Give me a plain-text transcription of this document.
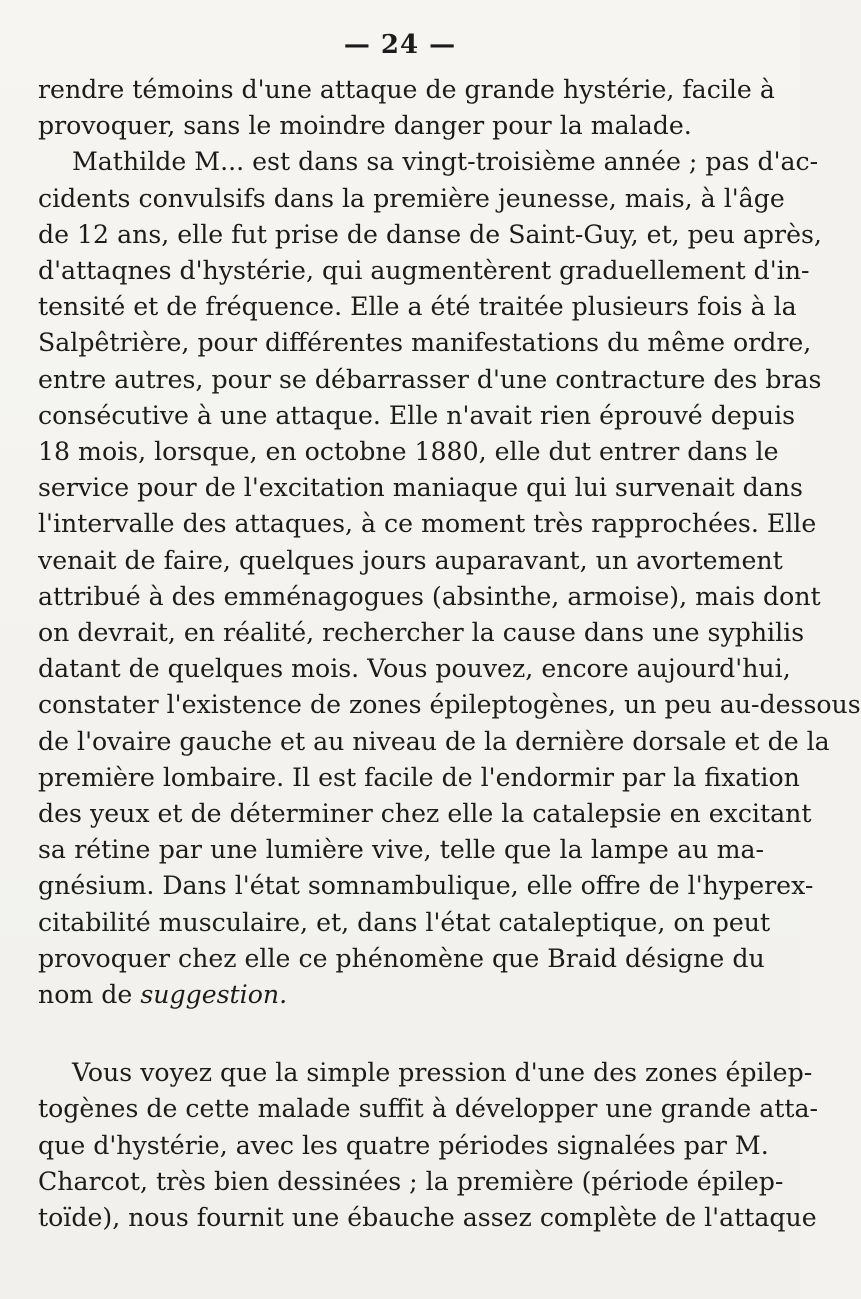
— 24 —
rendre témoins d'une attaque de grande hystérie, facile à
provoquer, sans le moindre danger pour la malade.
Mathilde M... est dans sa vingt-troisième année ; pas d'ac-
cidents convulsifs dans la première jeunesse, mais, à l'âge
de 12 ans, elle fut prise de danse de Saint-Guy, et, peu après,
d'attaqnes d'hystérie, qui augmentèrent graduellement d'in-
tensité et de fréquence. Elle a été traitée plusieurs fois à la
Salpêtrière, pour différentes manifestations du même ordre,
entre autres, pour se débarrasser d'une contracture des bras
consécutive à une attaque. Elle n'avait rien éprouvé depuis
18 mois, lorsque, en octobne 1880, elle dut entrer dans le
service pour de l'excitation maniaque qui lui survenait dans
l'intervalle des attaques, à ce moment très rapprochées. Elle
venait de faire, quelques jours auparavant, un avortement
attribué à des emménagogues (absinthe, armoise), mais dont
on devrait, en réalité, rechercher la cause dans une syphilis
datant de quelques mois. Vous pouvez, encore aujourd'hui,
constater l'existence de zones épileptogènes, un peu au-dessous
de l'ovaire gauche et au niveau de la dernière dorsale et de la
première lombaire. Il est facile de l'endormir par la fixation
des yeux et de déterminer chez elle la catalepsie en excitant
sa rétine par une lumière vive, telle que la lampe au ma-
gnésium. Dans l'état somnambulique, elle offre de l'hyperex-
citabilité musculaire, et, dans l'état cataleptique, on peut
provoquer chez elle ce phénomène que Braid désigne du
nom de suggestion.
Vous voyez que la simple pression d'une des zones épilep-
togènes de cette malade suffit à développer une grande atta-
que d'hystérie, avec les quatre périodes signalées par M.
Charcot, très bien dessinées ; la première (période épilep-
toïde), nous fournit une ébauche assez complète de l'attaque
